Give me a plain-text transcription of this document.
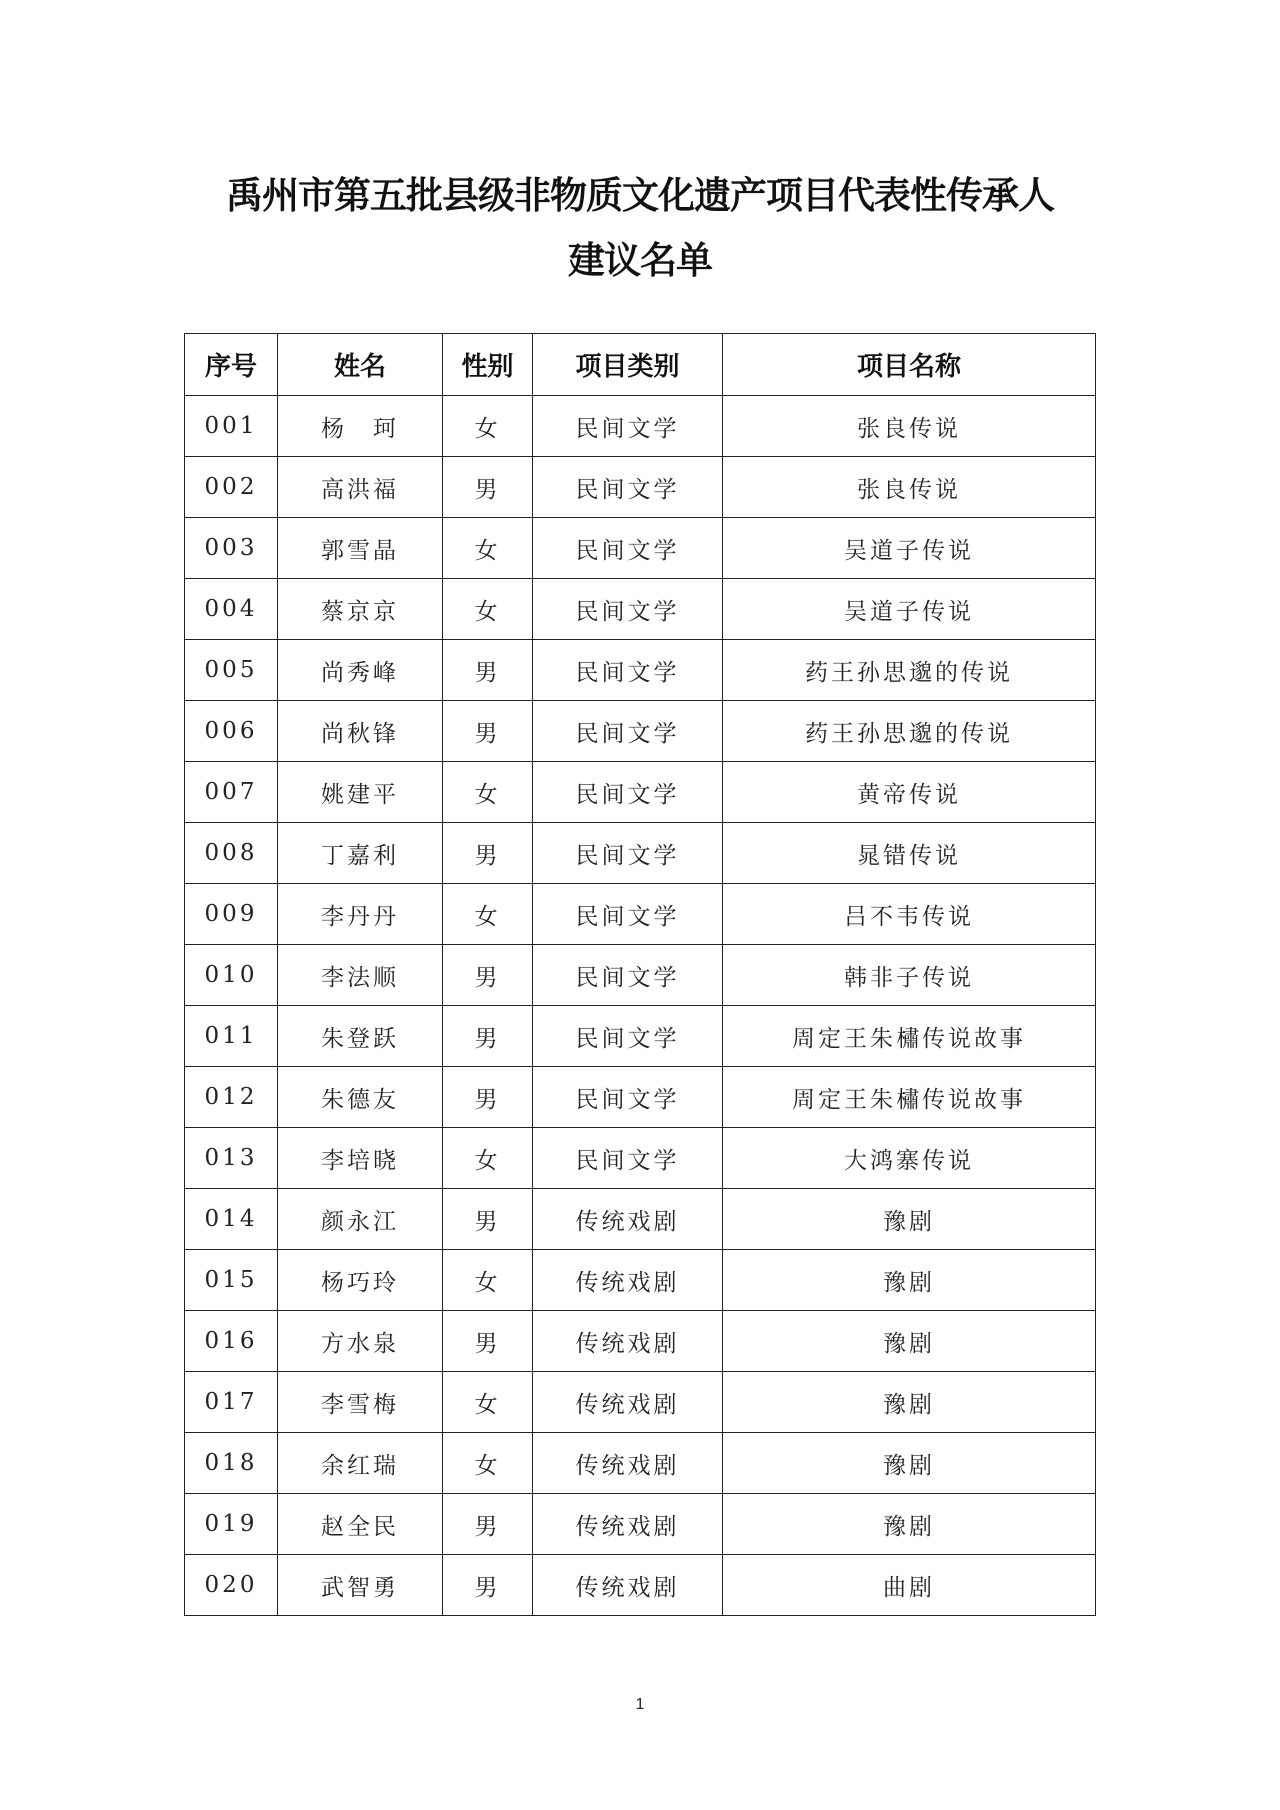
禹州市第五批县级非物质文化遗产项目代表性传承人
建议名单
序号	姓名	性别	项目类别	项目名称
001	杨　珂	女	民间文学	张良传说
002	高洪福	男	民间文学	张良传说
003	郭雪晶	女	民间文学	吴道子传说
004	蔡京京	女	民间文学	吴道子传说
005	尚秀峰	男	民间文学	药王孙思邈的传说
006	尚秋锋	男	民间文学	药王孙思邈的传说
007	姚建平	女	民间文学	黄帝传说
008	丁嘉利	男	民间文学	晁错传说
009	李丹丹	女	民间文学	吕不韦传说
010	李法顺	男	民间文学	韩非子传说
011	朱登跃	男	民间文学	周定王朱橚传说故事
012	朱德友	男	民间文学	周定王朱橚传说故事
013	李培晓	女	民间文学	大鸿寨传说
014	颜永江	男	传统戏剧	豫剧
015	杨巧玲	女	传统戏剧	豫剧
016	方水泉	男	传统戏剧	豫剧
017	李雪梅	女	传统戏剧	豫剧
018	余红瑞	女	传统戏剧	豫剧
019	赵全民	男	传统戏剧	豫剧
020	武智勇	男	传统戏剧	曲剧
1
